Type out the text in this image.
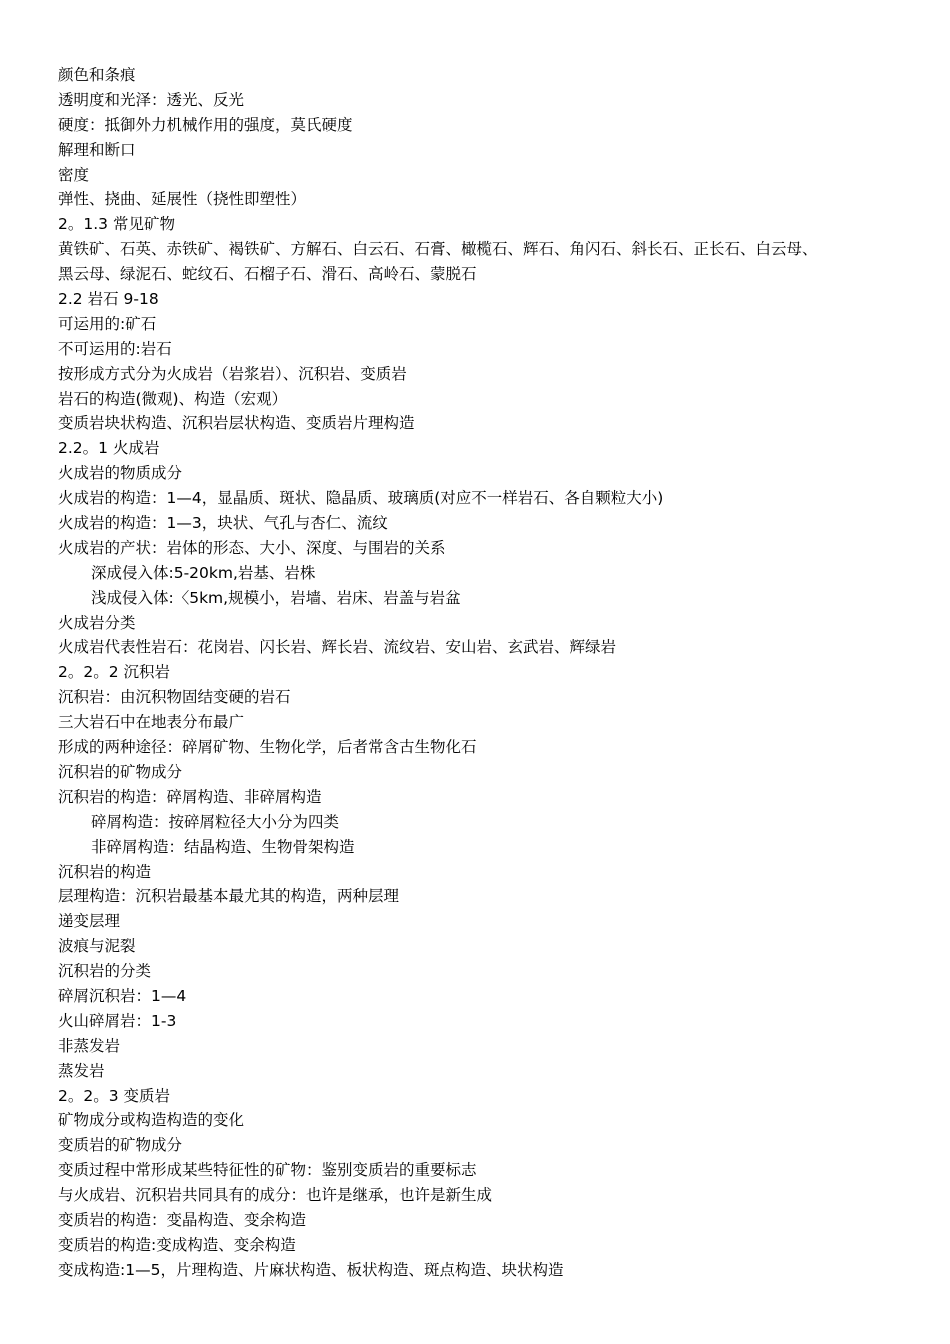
颜色和条痕
透明度和光泽：透光、反光
硬度：抵御外力机械作用的强度，莫氏硬度
解理和断口
密度
弹性、挠曲、延展性（挠性即塑性）
2。1.3 常见矿物
黄铁矿、石英、赤铁矿、褐铁矿、方解石、白云石、石膏、橄榄石、辉石、角闪石、斜长石、正长石、白云母、
黑云母、绿泥石、蛇纹石、石榴子石、滑石、高岭石、蒙脱石
2.2 岩石 9-18
可运用的:矿石
不可运用的:岩石
按形成方式分为火成岩（岩浆岩）、沉积岩、变质岩
岩石的构造(微观)、构造（宏观）
变质岩块状构造、沉积岩层状构造、变质岩片理构造
2.2。1 火成岩
火成岩的物质成分
火成岩的构造：1—4，显晶质、斑状、隐晶质、玻璃质(对应不一样岩石、各自颗粒大小)
火成岩的构造：1—3，块状、气孔与杏仁、流纹
火成岩的产状：岩体的形态、大小、深度、与围岩的关系
深成侵入体:5-20km,岩基、岩株
浅成侵入体:〈5km,规模小，岩墙、岩床、岩盖与岩盆
火成岩分类
火成岩代表性岩石：花岗岩、闪长岩、辉长岩、流纹岩、安山岩、玄武岩、辉绿岩
2。2。2 沉积岩
沉积岩：由沉积物固结变硬的岩石
三大岩石中在地表分布最广
形成的两种途径：碎屑矿物、生物化学，后者常含古生物化石
沉积岩的矿物成分
沉积岩的构造：碎屑构造、非碎屑构造
碎屑构造：按碎屑粒径大小分为四类
非碎屑构造：结晶构造、生物骨架构造
沉积岩的构造
层理构造：沉积岩最基本最尤其的构造，两种层理
递变层理
波痕与泥裂
沉积岩的分类
碎屑沉积岩：1—4
火山碎屑岩：1-3
非蒸发岩
蒸发岩
2。2。3 变质岩
矿物成分或构造构造的变化
变质岩的矿物成分
变质过程中常形成某些特征性的矿物：鉴别变质岩的重要标志
与火成岩、沉积岩共同具有的成分：也许是继承，也许是新生成
变质岩的构造：变晶构造、变余构造
变质岩的构造:变成构造、变余构造
变成构造:1—5，片理构造、片麻状构造、板状构造、斑点构造、块状构造
